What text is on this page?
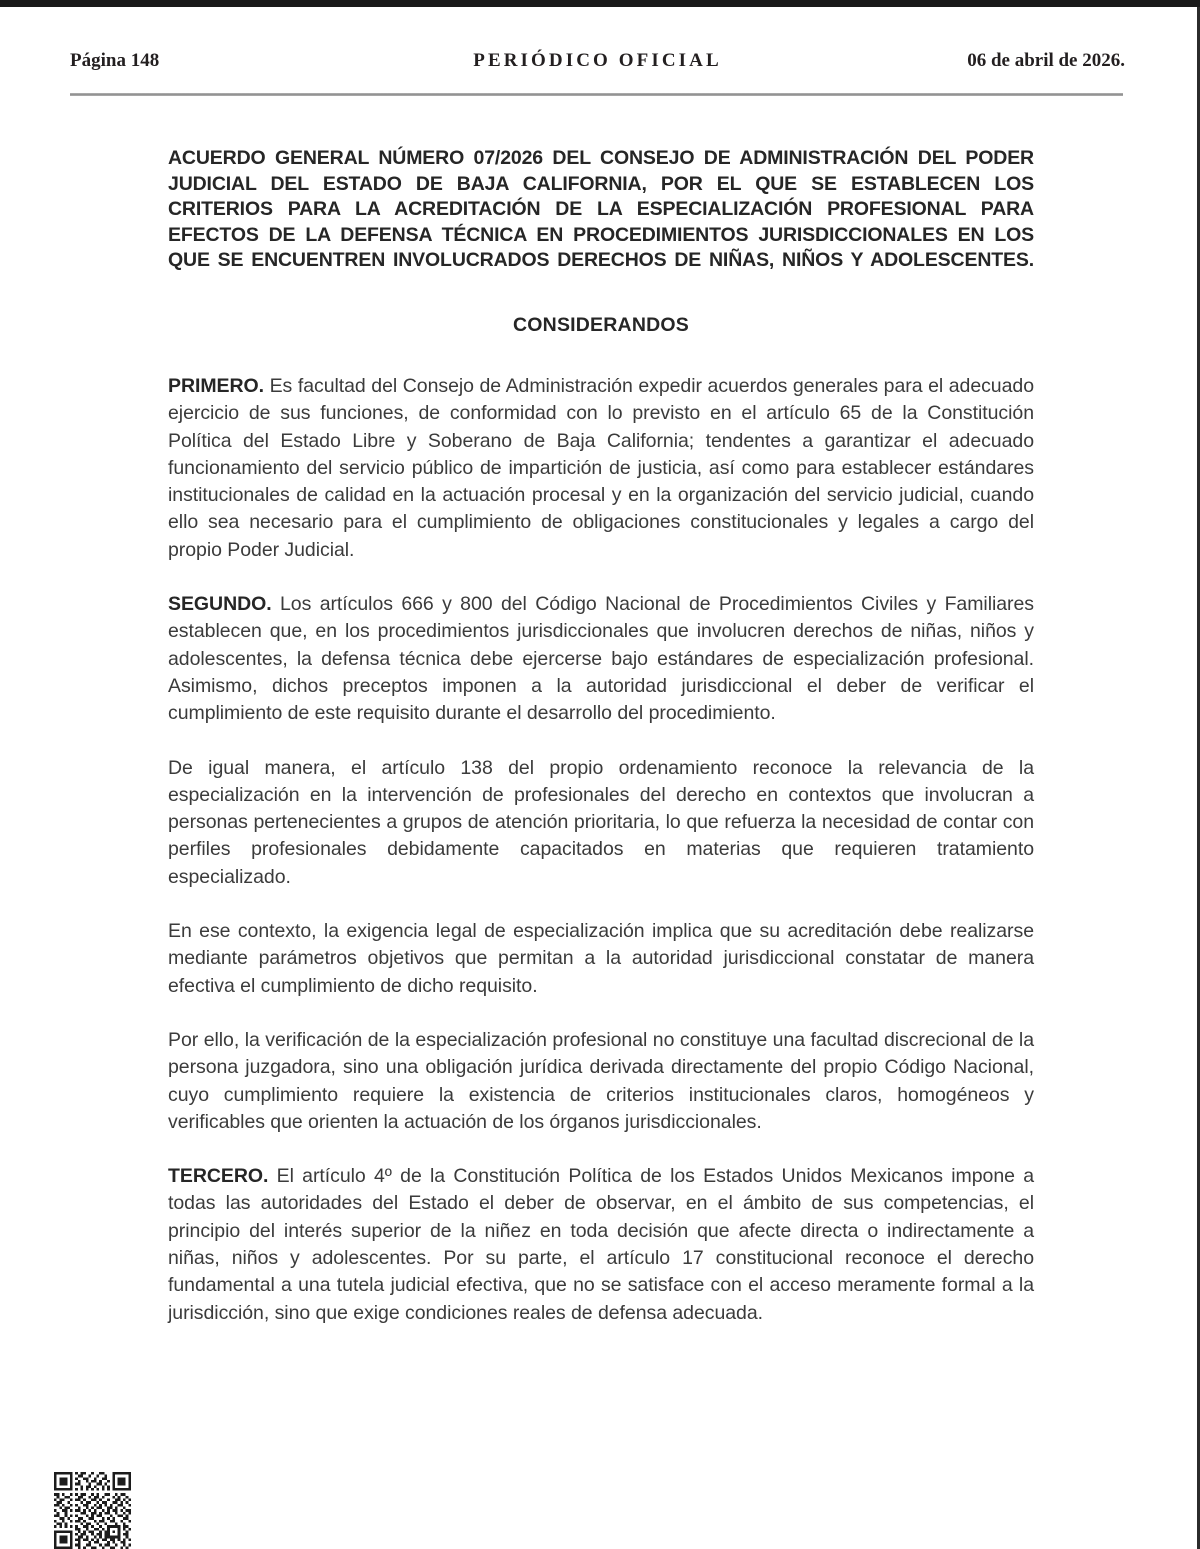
Página 148	PERIÓDICO OFICIAL	06 de abril de 2026.
ACUERDO GENERAL NÚMERO 07/2026 DEL CONSEJO DE ADMINISTRACIÓN DEL PODER JUDICIAL DEL ESTADO DE BAJA CALIFORNIA, POR EL QUE SE ESTABLECEN LOS CRITERIOS PARA LA ACREDITACIÓN DE LA ESPECIALIZACIÓN PROFESIONAL PARA EFECTOS DE LA DEFENSA TÉCNICA EN PROCEDIMIENTOS JURISDICCIONALES EN LOS QUE SE ENCUENTREN INVOLUCRADOS DERECHOS DE NIÑAS, NIÑOS Y ADOLESCENTES.
CONSIDERANDOS

PRIMERO. Es facultad del Consejo de Administración expedir acuerdos generales para el adecuado ejercicio de sus funciones, de conformidad con lo previsto en el artículo 65 de la Constitución Política del Estado Libre y Soberano de Baja California; tendentes a garantizar el adecuado funcionamiento del servicio público de impartición de justicia, así como para establecer estándares institucionales de calidad en la actuación procesal y en la organización del servicio judicial, cuando ello sea necesario para el cumplimiento de obligaciones constitucionales y legales a cargo del propio Poder Judicial.

SEGUNDO. Los artículos 666 y 800 del Código Nacional de Procedimientos Civiles y Familiares establecen que, en los procedimientos jurisdiccionales que involucren derechos de niñas, niños y adolescentes, la defensa técnica debe ejercerse bajo estándares de especialización profesional. Asimismo, dichos preceptos imponen a la autoridad jurisdiccional el deber de verificar el cumplimiento de este requisito durante el desarrollo del procedimiento.

De igual manera, el artículo 138 del propio ordenamiento reconoce la relevancia de la especialización en la intervención de profesionales del derecho en contextos que involucran a personas pertenecientes a grupos de atención prioritaria, lo que refuerza la necesidad de contar con perfiles profesionales debidamente capacitados en materias que requieren tratamiento especializado.

En ese contexto, la exigencia legal de especialización implica que su acreditación debe realizarse mediante parámetros objetivos que permitan a la autoridad jurisdiccional constatar de manera efectiva el cumplimiento de dicho requisito.

Por ello, la verificación de la especialización profesional no constituye una facultad discrecional de la persona juzgadora, sino una obligación jurídica derivada directamente del propio Código Nacional, cuyo cumplimiento requiere la existencia de criterios institucionales claros, homogéneos y verificables que orienten la actuación de los órganos jurisdiccionales.

TERCERO. El artículo 4º de la Constitución Política de los Estados Unidos Mexicanos impone a todas las autoridades del Estado el deber de observar, en el ámbito de sus competencias, el principio del interés superior de la niñez en toda decisión que afecte directa o indirectamente a niñas, niños y adolescentes. Por su parte, el artículo 17 constitucional reconoce el derecho fundamental a una tutela judicial efectiva, que no se satisface con el acceso meramente formal a la jurisdicción, sino que exige condiciones reales de defensa adecuada.
